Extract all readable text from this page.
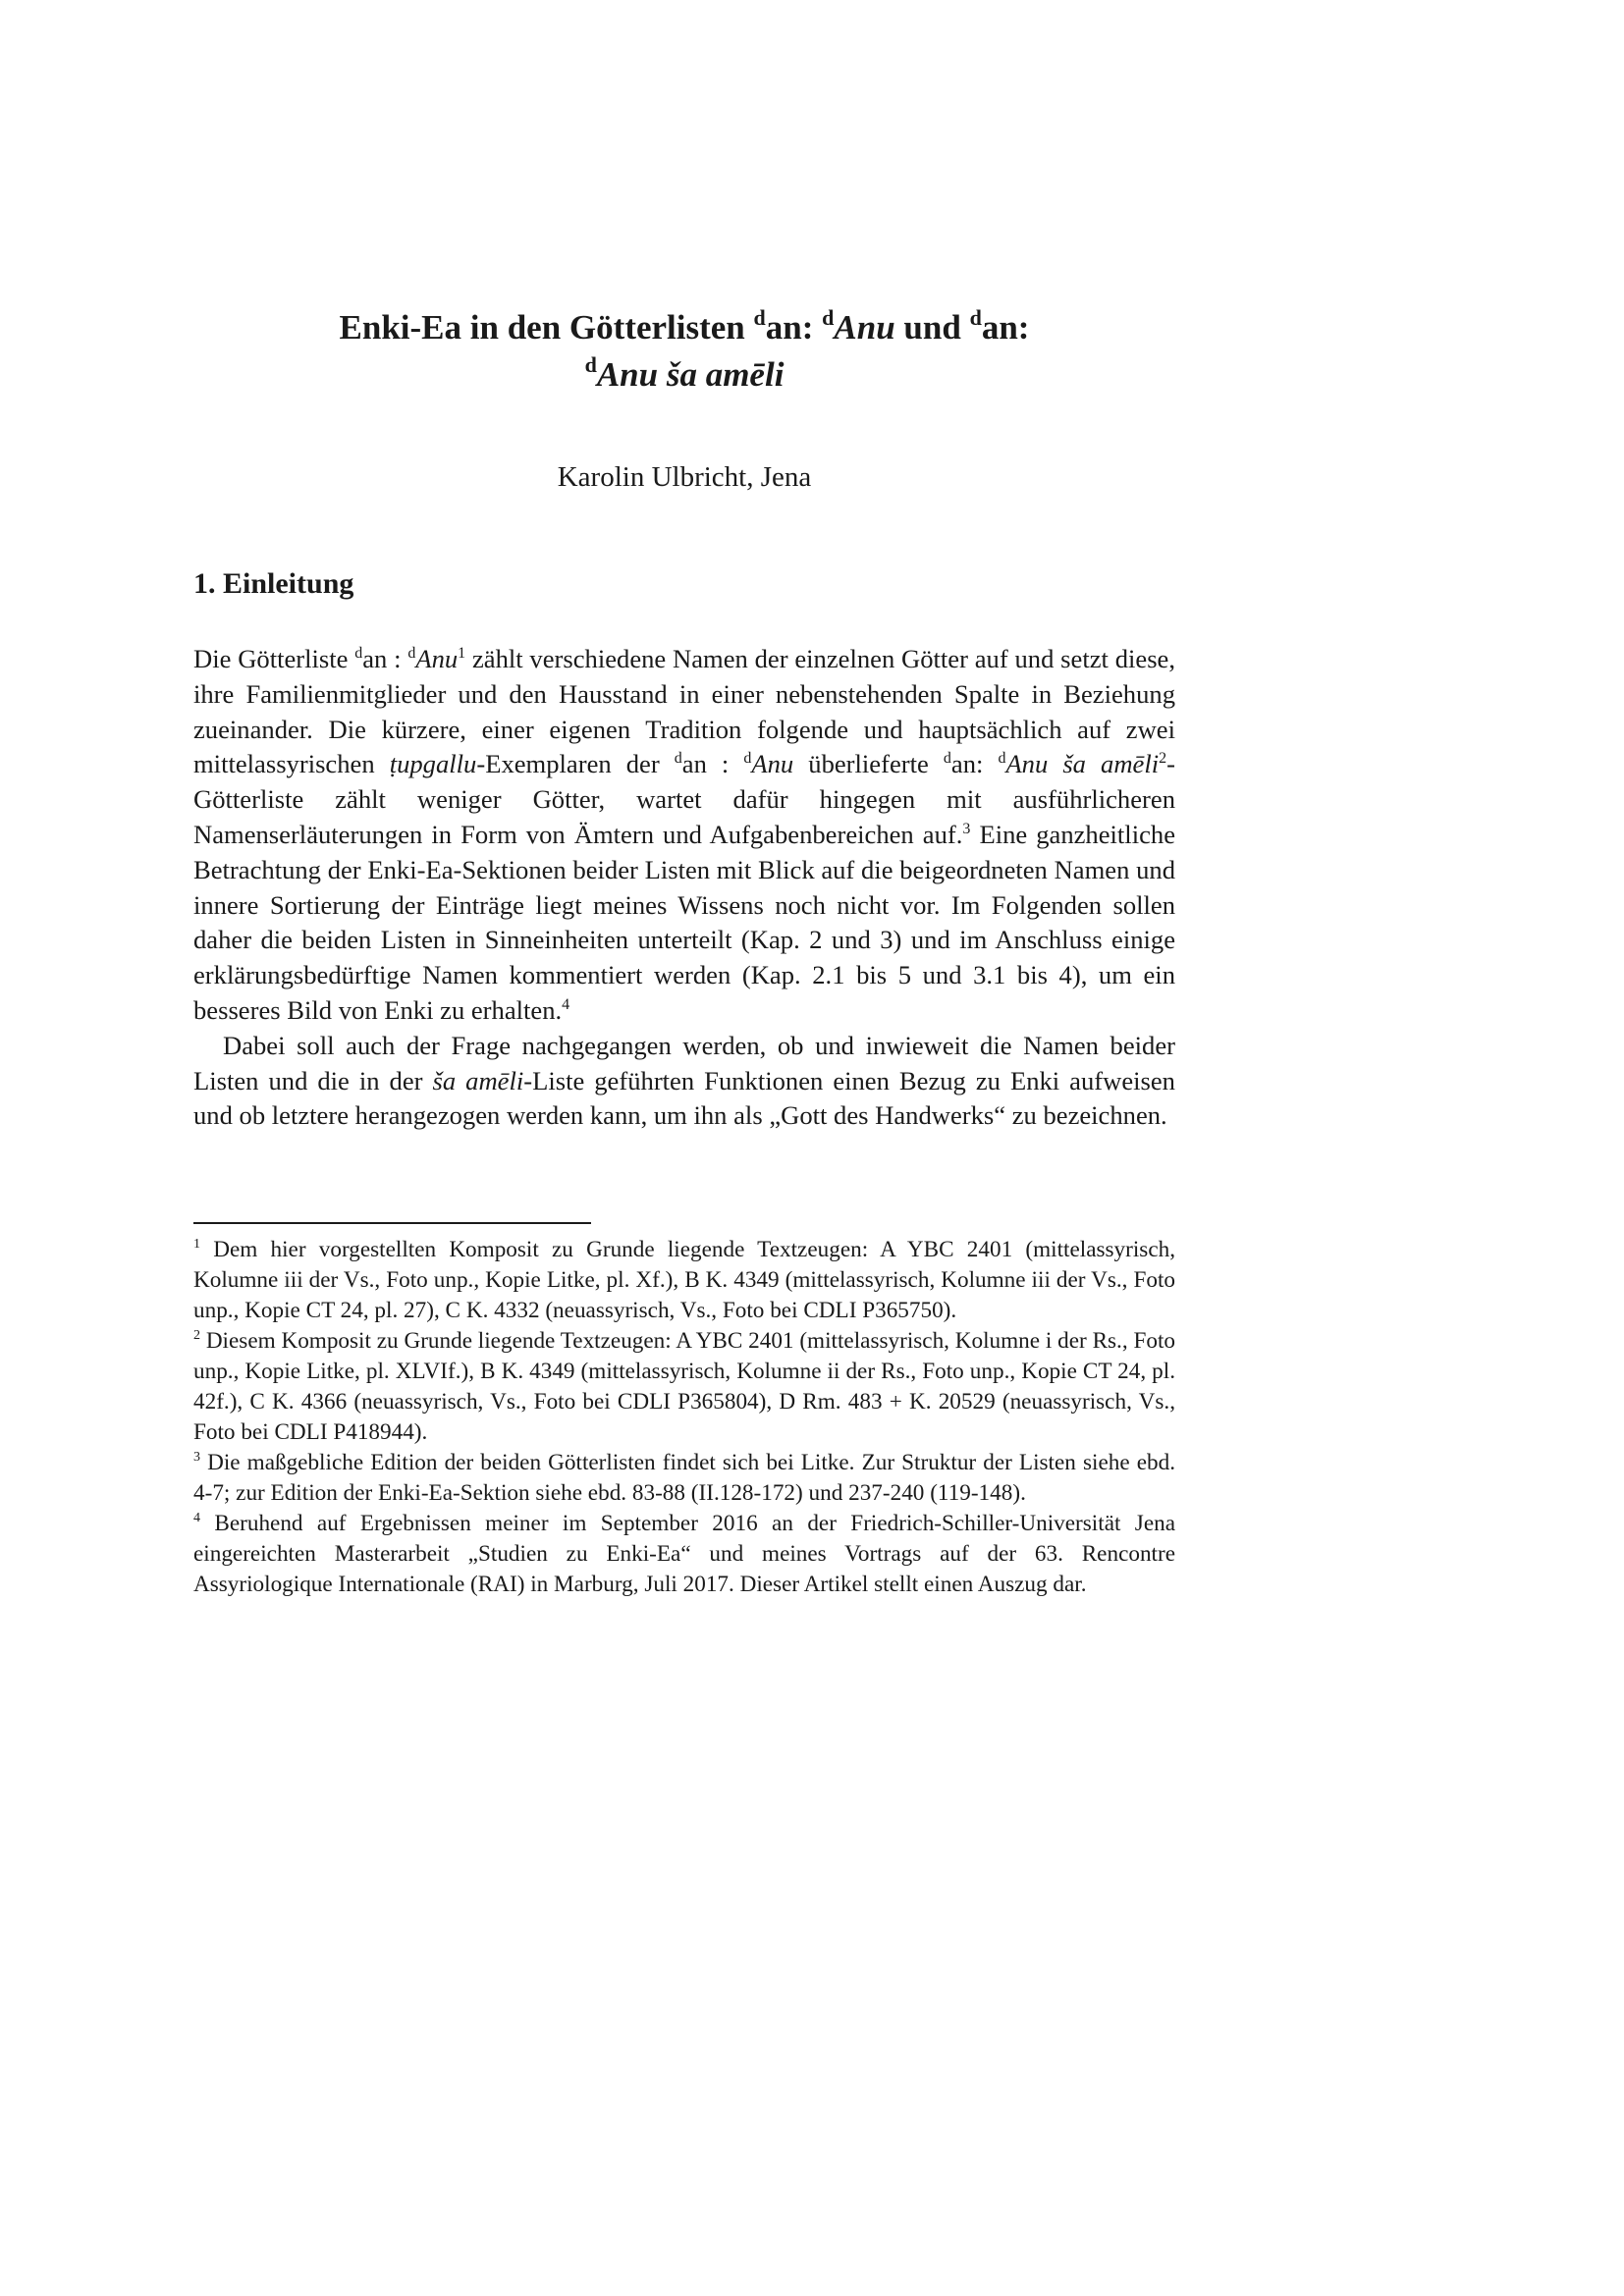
Enki-Ea in den Götterlisten $^d$an: $^d$Anu und $^d$an:
$^d$Anu ša amēli

Karolin Ulbricht, Jena

1. Einleitung

Die Götterliste $^d$an : $^d$Anu$^1$ zählt verschiedene Namen der einzelnen Götter auf und setzt diese, ihre Familienmitglieder und den Hausstand in einer nebenstehenden Spalte in Beziehung zueinander. Die kürzere, einer eigenen Tradition folgende und hauptsächlich auf zwei mittelassyrischen ṭupgallu-Exemplaren der $^d$an : $^d$Anu überlieferte $^d$an: $^d$Anu ša amēli$^2$-Götterliste zählt weniger Götter, wartet dafür hingegen mit ausführlicheren Namenserläuterungen in Form von Ämtern und Aufgabenbereichen auf.$^3$ Eine ganzheitliche Betrachtung der Enki-Ea-Sektionen beider Listen mit Blick auf die beigeordneten Namen und innere Sortierung der Einträge liegt meines Wissens noch nicht vor. Im Folgenden sollen daher die beiden Listen in Sinneinheiten unterteilt (Kap. 2 und 3) und im Anschluss einige erklärungsbedürftige Namen kommentiert werden (Kap. 2.1 bis 5 und 3.1 bis 4), um ein besseres Bild von Enki zu erhalten.$^4$

Dabei soll auch der Frage nachgegangen werden, ob und inwieweit die Namen beider Listen und die in der ša amēli-Liste geführten Funktionen einen Bezug zu Enki aufweisen und ob letztere herangezogen werden kann, um ihn als „Gott des Handwerks“ zu bezeichnen.

$^1$ Dem hier vorgestellten Komposit zu Grunde liegende Textzeugen: A YBC 2401 (mittelassyrisch, Kolumne iii der Vs., Foto unp., Kopie Litke, pl. Xf.), B K. 4349 (mittelassyrisch, Kolumne iii der Vs., Foto unp., Kopie CT 24, pl. 27), C K. 4332 (neuassyrisch, Vs., Foto bei CDLI P365750).

$^2$ Diesem Komposit zu Grunde liegende Textzeugen: A YBC 2401 (mittelassyrisch, Kolumne i der Rs., Foto unp., Kopie Litke, pl. XLVIf.), B K. 4349 (mittelassyrisch, Kolumne ii der Rs., Foto unp., Kopie CT 24, pl. 42f.), C K. 4366 (neuassyrisch, Vs., Foto bei CDLI P365804), D Rm. 483 + K. 20529 (neuassyrisch, Vs., Foto bei CDLI P418944).

$^3$ Die maßgebliche Edition der beiden Götterlisten findet sich bei Litke. Zur Struktur der Listen siehe ebd. 4-7; zur Edition der Enki-Ea-Sektion siehe ebd. 83-88 (II.128-172) und 237-240 (119-148).

$^4$ Beruhend auf Ergebnissen meiner im September 2016 an der Friedrich-Schiller-Universität Jena eingereichten Masterarbeit „Studien zu Enki-Ea“ und meines Vortrags auf der 63. Rencontre Assyriologique Internationale (RAI) in Marburg, Juli 2017. Dieser Artikel stellt einen Auszug dar.
